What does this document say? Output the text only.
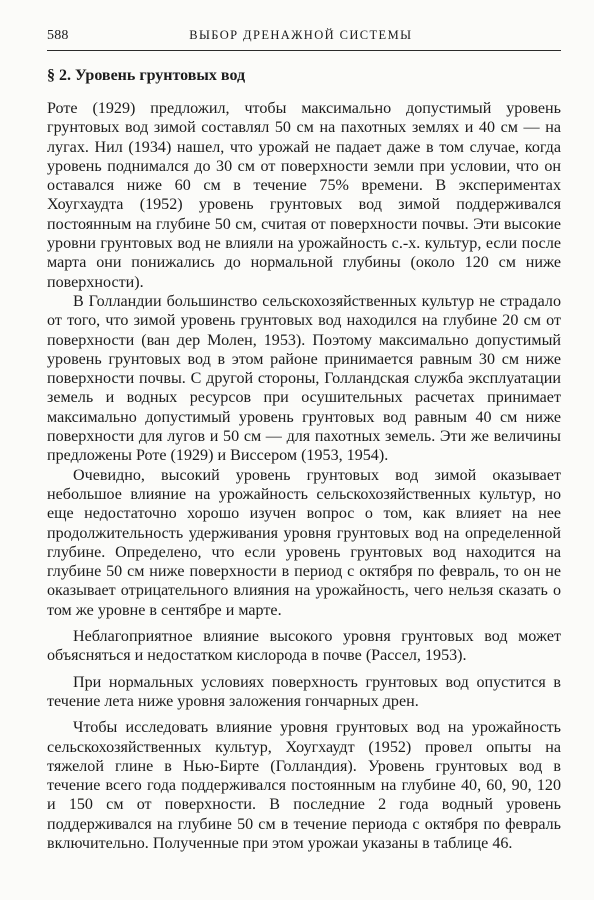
588	ВЫБОР ДРЕНАЖНОЙ СИСТЕМЫ
§ 2. Уровень грунтовых вод

Роте (1929) предложил, чтобы максимально допустимый уровень грунтовых вод зимой составлял 50 см на пахотных землях и 40 см — на лугах. Нил (1934) нашел, что урожай не падает даже в том случае, когда уровень поднимался до 30 см от поверхности земли при условии, что он оставался ниже 60 см в течение 75% времени. В экспериментах Хоугхаудта (1952) уровень грунтовых вод зимой поддерживался постоянным на глубине 50 см, считая от поверхности почвы. Эти высокие уровни грунтовых вод не влияли на урожайность с.-х. культур, если после марта они понижались до нормальной глубины (около 120 см ниже поверхности).

В Голландии большинство сельскохозяйственных культур не страдало от того, что зимой уровень грунтовых вод находился на глубине 20 см от поверхности (ван дер Молен, 1953). Поэтому максимально допустимый уровень грунтовых вод в этом районе принимается равным 30 см ниже поверхности почвы. С другой стороны, Голландская служба эксплуатации земель и водных ресурсов при осушительных расчетах принимает максимально допустимый уровень грунтовых вод равным 40 см ниже поверхности для лугов и 50 см — для пахотных земель. Эти же величины предложены Роте (1929) и Виссером (1953, 1954).

Очевидно, высокий уровень грунтовых вод зимой оказывает небольшое влияние на урожайность сельскохозяйственных культур, но еще недостаточно хорошо изучен вопрос о том, как влияет на нее продолжительность удерживания уровня грунтовых вод на определенной глубине. Определено, что если уровень грунтовых вод находится на глубине 50 см ниже поверхности в период с октября по февраль, то он не оказывает отрицательного влияния на урожайность, чего нельзя сказать о том же уровне в сентябре и марте.

Неблагоприятное влияние высокого уровня грунтовых вод может объясняться и недостатком кислорода в почве (Рассел, 1953).

При нормальных условиях поверхность грунтовых вод опустится в течение лета ниже уровня заложения гончарных дрен.

Чтобы исследовать влияние уровня грунтовых вод на урожайность сельскохозяйственных культур, Хоугхаудт (1952) провел опыты на тяжелой глине в Нью-Бирте (Голландия). Уровень грунтовых вод в течение всего года поддерживался постоянным на глубине 40, 60, 90, 120 и 150 см от поверхности. В последние 2 года водный уровень поддерживался на глубине 50 см в течение периода с октября по февраль включительно. Полученные при этом урожаи указаны в таблице 46.
